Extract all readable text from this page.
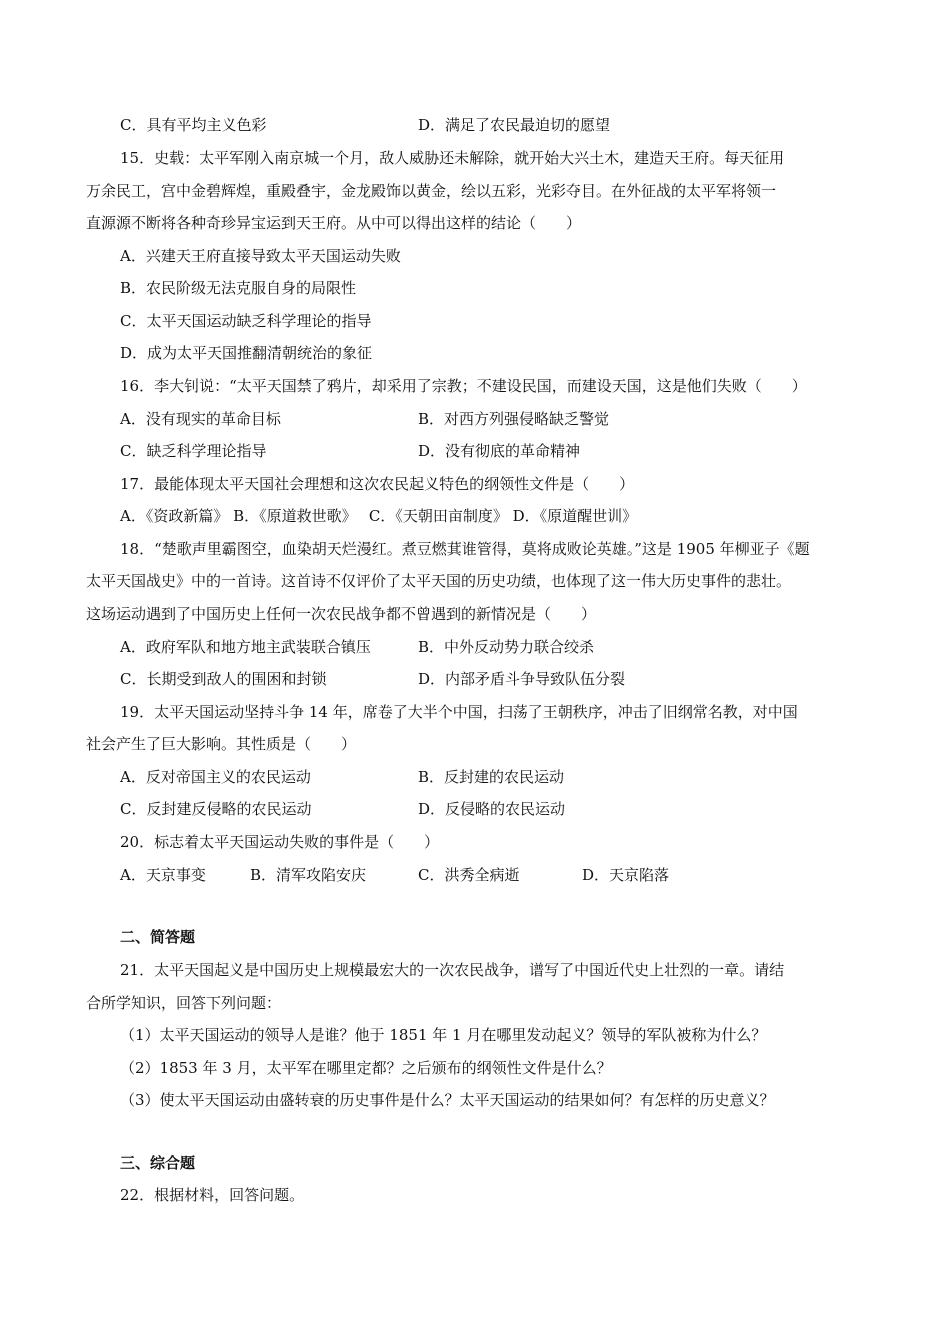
C．具有平均主义色彩	D．满足了农民最迫切的愿望
15．史载：太平军刚入南京城一个月，敌人威胁还未解除，就开始大兴土木，建造天王府。每天征用
万余民工，宫中金碧辉煌，重殿叠宇，金龙殿饰以黄金，绘以五彩，光彩夺目。在外征战的太平军将领一
直源源不断将各种奇珍异宝运到天王府。从中可以得出这样的结论（　　）
A．兴建天王府直接导致太平天国运动失败
B．农民阶级无法克服自身的局限性
C．太平天国运动缺乏科学理论的指导
D．成为太平天国推翻清朝统治的象征
16．李大钊说：“太平天国禁了鸦片，却采用了宗教；不建设民国，而建设天国，这是他们失败（　　）
A．没有现实的革命目标	B．对西方列强侵略缺乏警觉
C．缺乏科学理论指导	D．没有彻底的革命精神
17．最能体现太平天国社会理想和这次农民起义特色的纲领性文件是（　　）
A．《资政新篇》 B．《原道救世歌》　 C．《天朝田亩制度》 D．《原道醒世训》
18．“楚歌声里霸图空，血染胡天烂漫红。煮豆燃萁谁管得，莫将成败论英雄。”这是 1905 年柳亚子《题
太平天国战史》中的一首诗。这首诗不仅评价了太平天国的历史功绩，也体现了这一伟大历史事件的悲壮。
这场运动遇到了中国历史上任何一次农民战争都不曾遇到的新情况是（　　）
A．政府军队和地方地主武装联合镇压	B．中外反动势力联合绞杀
C．长期受到敌人的围困和封锁	D．内部矛盾斗争导致队伍分裂
19．太平天国运动坚持斗争 14 年，席卷了大半个中国，扫荡了王朝秩序，冲击了旧纲常名教，对中国
社会产生了巨大影响。其性质是（　　）
A．反对帝国主义的农民运动	B．反封建的农民运动
C．反封建反侵略的农民运动	D．反侵略的农民运动
20．标志着太平天国运动失败的事件是（　　）
A．天京事变	B．清军攻陷安庆	C．洪秀全病逝	D．天京陷落
二、简答题
21．太平天国起义是中国历史上规模最宏大的一次农民战争，谱写了中国近代史上壮烈的一章。请结
合所学知识，回答下列问题：
（1）太平天国运动的领导人是谁？他于 1851 年 1 月在哪里发动起义？领导的军队被称为什么？
（2）1853 年 3 月，太平军在哪里定都？之后颁布的纲领性文件是什么？
（3）使太平天国运动由盛转衰的历史事件是什么？太平天国运动的结果如何？有怎样的历史意义？
三、综合题
22．根据材料，回答问题。
